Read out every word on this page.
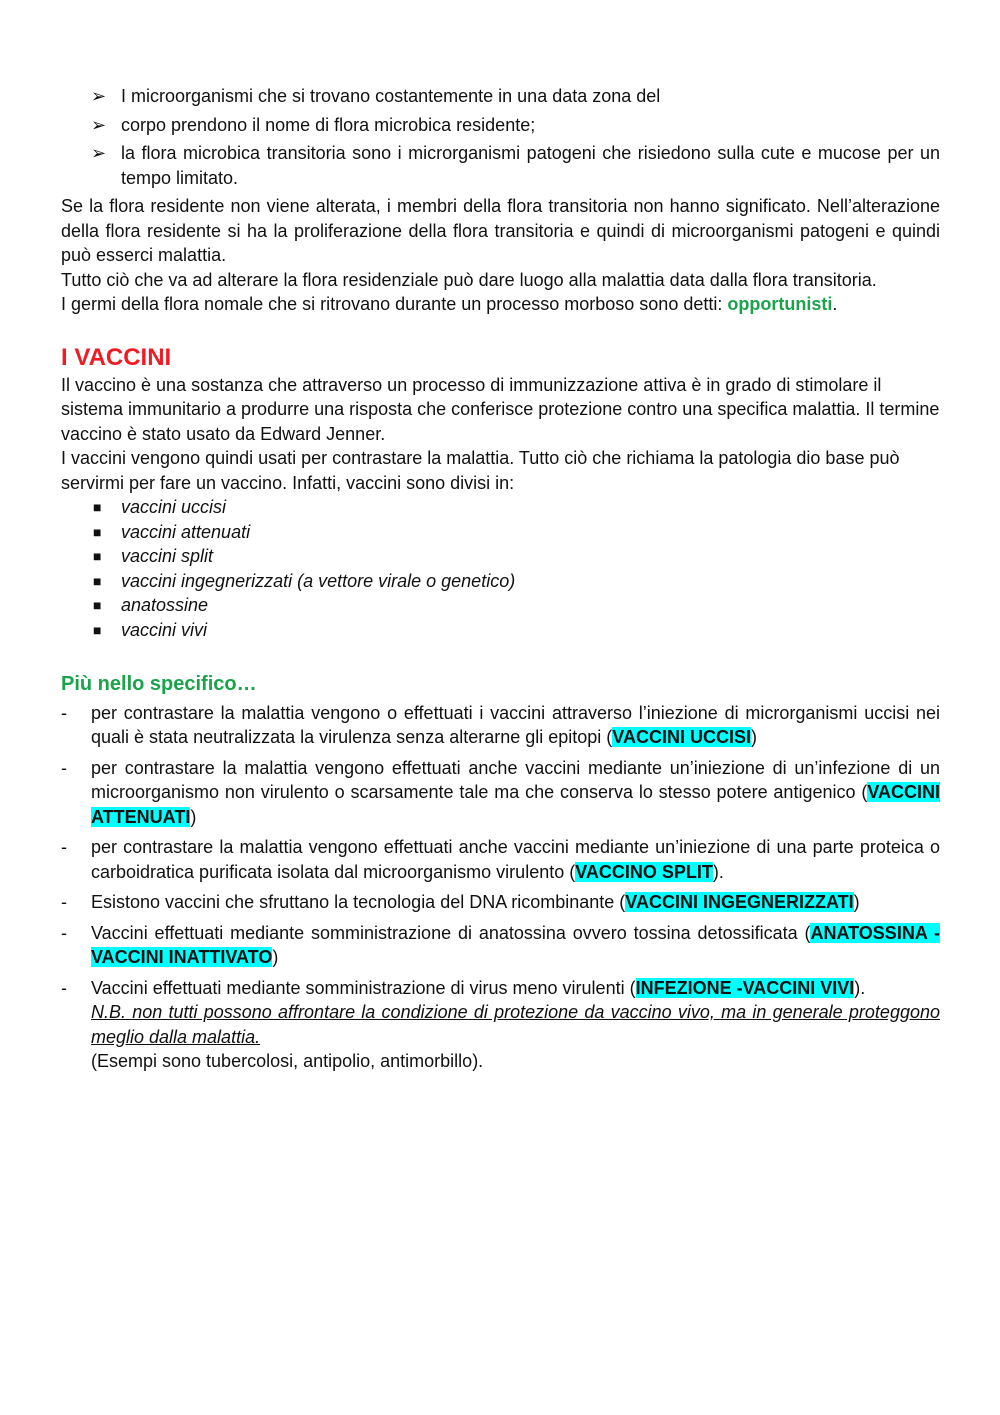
➢ I microorganismi che si trovano costantemente in una data zona del
➢ corpo prendono il nome di flora microbica residente;
➢ la flora microbica transitoria sono i microrganismi patogeni che risiedono sulla cute e mucose per un tempo limitato.

Se la flora residente non viene alterata, i membri della flora transitoria non hanno significato. Nell’alterazione della flora residente si ha la proliferazione della flora transitoria e quindi di microorganismi patogeni e quindi può esserci malattia.

Tutto ciò che va ad alterare la flora residenziale può dare luogo alla malattia data dalla flora transitoria.

I germi della flora nomale che si ritrovano durante un processo morboso sono detti: opportunisti.

I VACCINI

Il vaccino è una sostanza che attraverso un processo di immunizzazione attiva è in grado di stimolare il sistema immunitario a produrre una risposta che conferisce protezione contro una specifica malattia. Il termine vaccino è stato usato da Edward Jenner.

I vaccini vengono quindi usati per contrastare la malattia. Tutto ciò che richiama la patologia dio base può servirmi per fare un vaccino. Infatti, vaccini sono divisi in:

■ vaccini uccisi
■ vaccini attenuati
■ vaccini split
■ vaccini ingegnerizzati (a vettore virale o genetico)
■ anatossine
■ vaccini vivi
Più nello specifico…
- per contrastare la malattia vengono o effettuati i vaccini attraverso l’iniezione di microrganismi uccisi nei quali è stata neutralizzata la virulenza senza alterarne gli epitopi (VACCINI UCCISI)
- per contrastare la malattia vengono effettuati anche vaccini mediante un’iniezione di un’infezione di un microorganismo non virulento o scarsamente tale ma che conserva lo stesso potere antigenico (VACCINI ATTENUATI)
- per contrastare la malattia vengono effettuati anche vaccini mediante un’iniezione di una parte proteica o carboidratica purificata isolata dal microorganismo virulento (VACCINO SPLIT).
- Esistono vaccini che sfruttano la tecnologia del DNA ricombinante (VACCINI INGEGNERIZZATI)
- Vaccini effettuati mediante somministrazione di anatossina ovvero tossina detossificata (ANATOSSINA -VACCINI INATTIVATO)
- Vaccini effettuati mediante somministrazione di virus meno virulenti (INFEZIONE -VACCINI VIVI).

N.B. non tutti possono affrontare la condizione di protezione da vaccino vivo, ma in generale proteggono meglio dalla malattia.

(Esempi sono tubercolosi, antipolio, antimorbillo).
